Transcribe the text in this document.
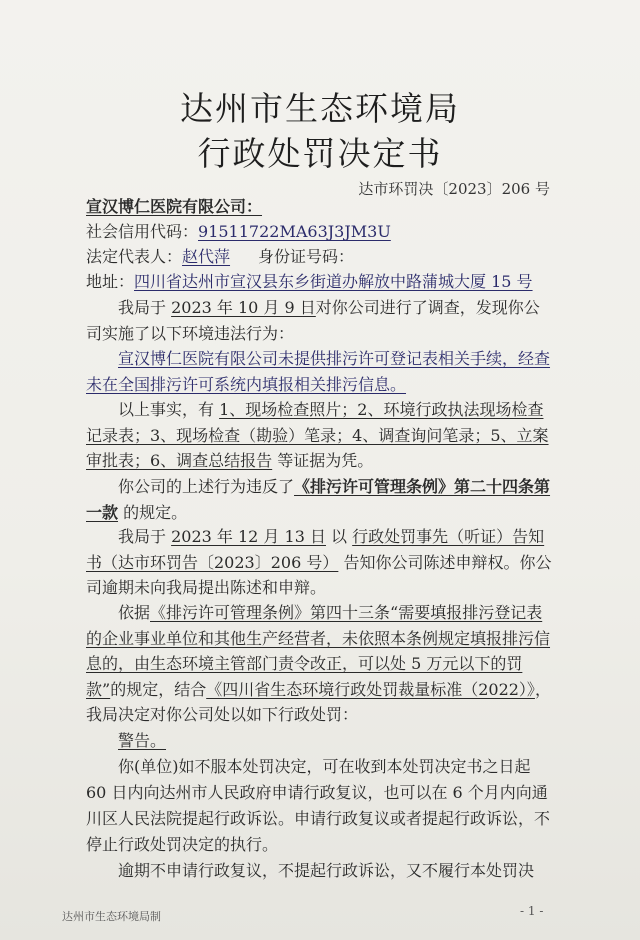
达州市生态环境局
行政处罚决定书
达市环罚决〔2023〕206 号
宣汉博仁医院有限公司：
社会信用代码：91511722MA63J3JM3U
法定代表人：赵代萍 身份证号码：
地址：四川省达州市宣汉县东乡街道办解放中路蒲城大厦 15 号
我局于 2023 年 10 月 9 日对你公司进行了调查，发现你公司实施了以下环境违法行为：
宣汉博仁医院有限公司未提供排污许可登记表相关手续，经查未在全国排污许可系统内填报相关排污信息。
以上事实，有 1、现场检查照片；2、环境行政执法现场检查记录表；3、现场检查（勘验）笔录；4、调查询问笔录；5、立案审批表；6、调查总结报告 等证据为凭。
你公司的上述行为违反了《排污许可管理条例》第二十四条第一款 的规定。
我局于 2023 年 12 月 13 日 以 行政处罚事先（听证）告知书（达市环罚告〔2023〕206 号） 告知你公司陈述申辩权。你公司逾期未向我局提出陈述和申辩。
依据《排污许可管理条例》第四十三条“需要填报排污登记表的企业事业单位和其他生产经营者，未依照本条例规定填报排污信息的，由生态环境主管部门责令改正，可以处 5 万元以下的罚款”的规定，结合《四川省生态环境行政处罚裁量标准（2022）》，我局决定对你公司处以如下行政处罚：
警告。
你(单位)如不服本处罚决定，可在收到本处罚决定书之日起 60 日内向达州市人民政府申请行政复议，也可以在 6 个月内向通川区人民法院提起行政诉讼。申请行政复议或者提起行政诉讼，不停止行政处罚决定的执行。
逾期不申请行政复议，不提起行政诉讼，又不履行本处罚决
达州市生态环境局制	- 1 -
